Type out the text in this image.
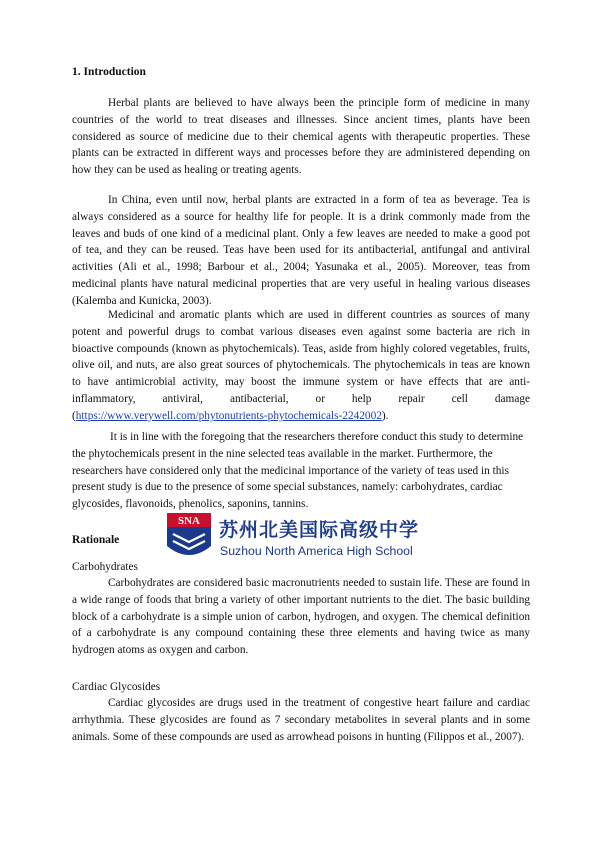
1. Introduction

Herbal plants are believed to have always been the principle form of medicine in many countries of the world to treat diseases and illnesses. Since ancient times, plants have been considered as source of medicine due to their chemical agents with therapeutic properties. These plants can be extracted in different ways and processes before they are administered depending on how they can be used as healing or treating agents.

In China, even until now, herbal plants are extracted in a form of tea as beverage. Tea is always considered as a source for healthy life for people. It is a drink commonly made from the leaves and buds of one kind of a medicinal plant. Only a few leaves are needed to make a good pot of tea, and they can be reused. Teas have been used for its antibacterial, antifungal and antiviral activities (Ali et al., 1998; Barbour et al., 2004; Yasunaka et al., 2005). Moreover, teas from medicinal plants have natural medicinal properties that are very useful in healing various diseases (Kalemba and Kunicka, 2003).

Medicinal and aromatic plants which are used in different countries as sources of many potent and powerful drugs to combat various diseases even against some bacteria are rich in bioactive compounds (known as phytochemicals). Teas, aside from highly colored vegetables, fruits, olive oil, and nuts, are also great sources of phytochemicals. The phytochemicals in teas are known to have antimicrobial activity, may boost the immune system or have effects that are anti-inflammatory, antiviral, antibacterial, or help repair cell damage (https://www.verywell.com/phytonutrients-phytochemicals-2242002).

It is in line with the foregoing that the researchers therefore conduct this study to determine the phytochemicals present in the nine selected teas available in the market. Furthermore, the researchers have considered only that the medicinal importance of the variety of teas used in this present study is due to the presence of some special substances, namely: carbohydrates, cardiac glycosides, flavonoids, phenolics, saponins, tannins.

Rationale

SNA 苏州北美国际高级中学
Suzhou North America High School

Carbohydrates

Carbohydrates are considered basic macronutrients needed to sustain life. These are found in a wide range of foods that bring a variety of other important nutrients to the diet. The basic building block of a carbohydrate is a simple union of carbon, hydrogen, and oxygen. The chemical definition of a carbohydrate is any compound containing these three elements and having twice as many hydrogen atoms as oxygen and carbon.

Cardiac Glycosides

Cardiac glycosides are drugs used in the treatment of congestive heart failure and cardiac arrhythmia. These glycosides are found as 7 secondary metabolites in several plants and in some animals. Some of these compounds are used as arrowhead poisons in hunting (Filippos et al., 2007).
